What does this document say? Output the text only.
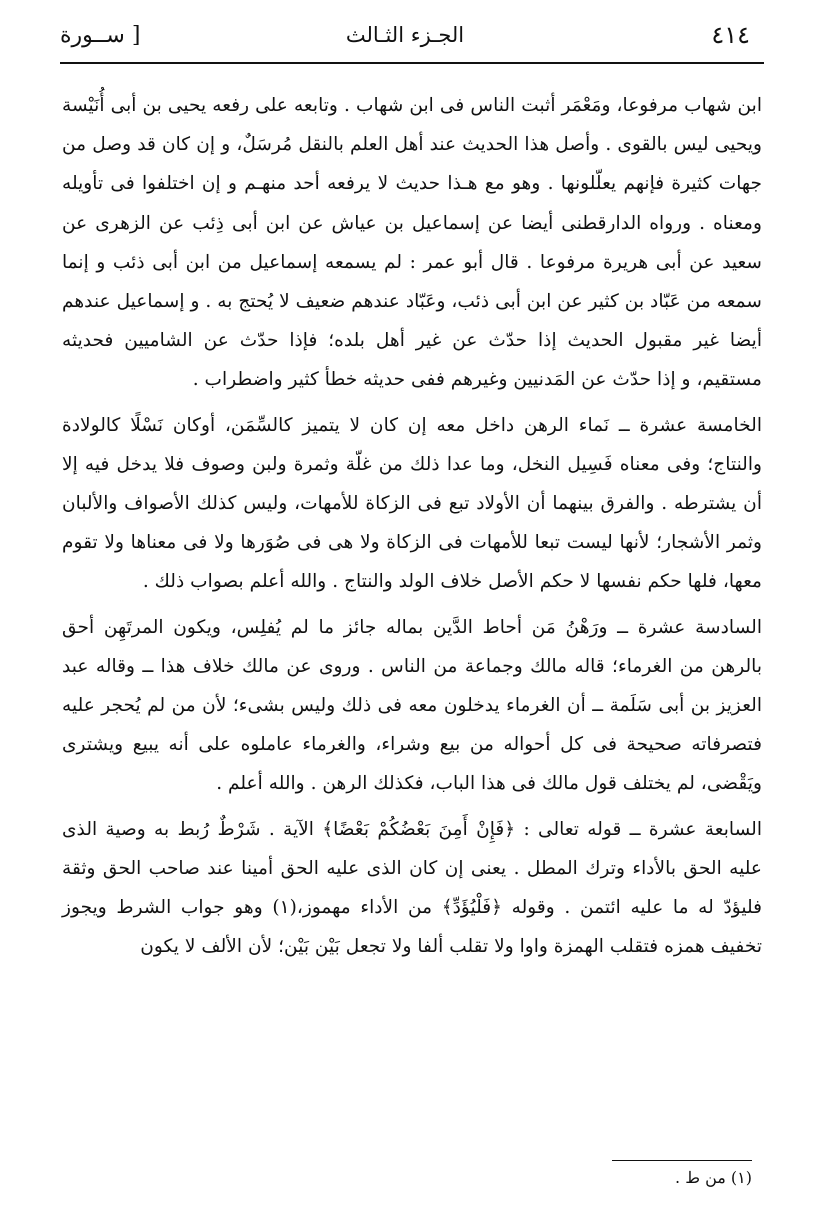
٤١٤
الجـزء الثـالث
[ ســورة

ابن شهاب مرفوعا، ومَعْمَر أثبت الناس فى ابن شهاب . وتابعه على رفعه يحيى بن أبى أُنَيْسة ويحيى ليس بالقوى . وأصل هذا الحديث عند أهل العلم بالنقل مُرسَلٌ، و إن كان قد وصل من جهات كثيرة فإنهم يعلّلونها . وهو مع هـذا حديث لا يرفعه أحد منهـم و إن اختلفوا فى تأويله ومعناه . ورواه الدارقطنى أيضا عن إسماعيل بن عياش عن ابن أبى ذِئب عن الزهرى عن سعيد عن أبى هريرة مرفوعا . قال أبو عمر : لم يسمعه إسماعيل من ابن أبى ذئب و إنما سمعه من عَبّاد بن كثير عن ابن أبى ذئب، وعَبّاد عندهم ضعيف لا يُحتج به . و إسماعيل عندهم أيضا غير مقبول الحديث إذا حدّث عن غير أهل بلده؛ فإذا حدّث عن الشاميين فحديثه مستقيم، و إذا حدّث عن المَدنيين وغيرهم ففى حديثه خطأ كثير واضطراب .

الخامسة عشرة ــ نَماء الرهن داخل معه إن كان لا يتميز كالسِّمَن، أوكان نَسْلًا كالولادة والنتاج؛ وفى معناه فَسِيل النخل، وما عدا ذلك من غلّة وثمرة ولبن وصوف فلا يدخل فيه إلا أن يشترطه . والفرق بينهما أن الأولاد تبع فى الزكاة للأمهات، وليس كذلك الأصواف والألبان وثمر الأشجار؛ لأنها ليست تبعا للأمهات فى الزكاة ولا هى فى صُوَرها ولا فى معناها ولا تقوم معها، فلها حكم نفسها لا حكم الأصل خلاف الولد والنتاج . والله أعلم بصواب ذلك .

السادسة عشرة ــ ورَهْنُ مَن أحاط الدَّين بماله جائز ما لم يُفلِس، ويكون المرتَهِن أحق بالرهن من الغرماء؛ قاله مالك وجماعة من الناس . وروى عن مالك خلاف هذا ــ وقاله عبد العزيز بن أبى سَلَمة ــ أن الغرماء يدخلون معه فى ذلك وليس بشىء؛ لأن من لم يُحجر عليه فتصرفاته صحيحة فى كل أحواله من بيع وشراء، والغرماء عاملوه على أنه يبيع ويشترى ويَقْضى، لم يختلف قول مالك فى هذا الباب، فكذلك الرهن . والله أعلم .

السابعة عشرة ــ قوله تعالى : ﴿فَإِنْ أَمِنَ بَعْضُكُمْ بَعْضًا﴾ الآية . شَرْطٌ رُبط به وصية الذى عليه الحق بالأداء وترك المطل . يعنى إن كان الذى عليه الحق أمينا عند صاحب الحق وثقة فليؤدّ له ما عليه ائتمن . وقوله ﴿فَلْيُؤَدِّ﴾ من الأداء مهموز،(١) وهو جواب الشرط ويجوز تخفيف همزه فتقلب الهمزة واوا ولا تقلب ألفا ولا تجعل بَيْن بَيْن؛ لأن الألف لا يكون

(١) من ط .
